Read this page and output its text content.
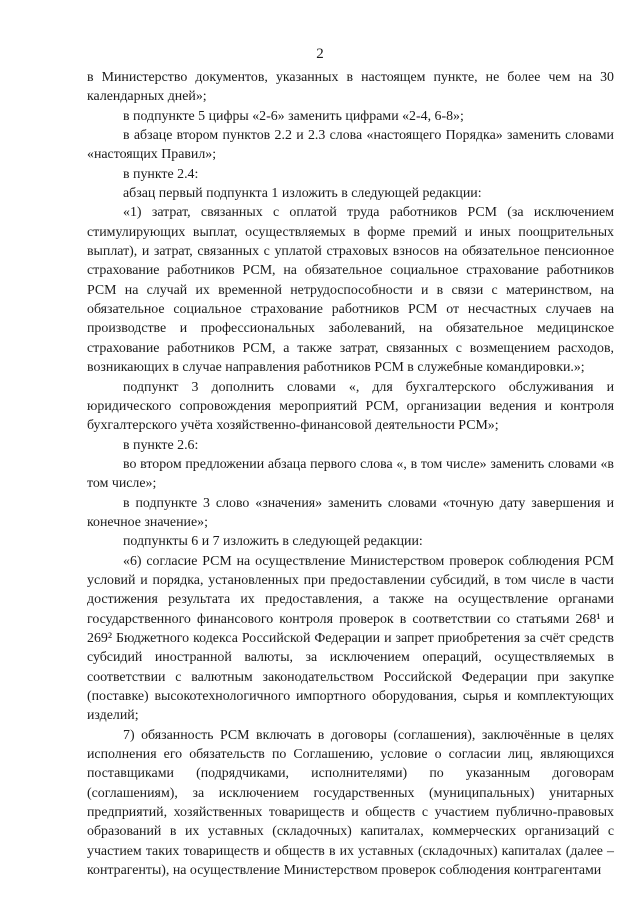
2

в Министерство документов, указанных в настоящем пункте, не более чем на 30 календарных дней»;

в подпункте 5 цифры «2-6» заменить цифрами «2-4, 6-8»;

в абзаце втором пунктов 2.2 и 2.3 слова «настоящего Порядка» заменить словами «настоящих Правил»;

в пункте 2.4:

абзац первый подпункта 1 изложить в следующей редакции:

«1) затрат, связанных с оплатой труда работников РСМ (за исключением стимулирующих выплат, осуществляемых в форме премий и иных поощрительных выплат), и затрат, связанных с уплатой страховых взносов на обязательное пенсионное страхование работников РСМ, на обязательное социальное страхование работников РСМ на случай их временной нетрудоспособности и в связи с материнством, на обязательное социальное страхование работников РСМ от несчастных случаев на производстве и профессиональных заболеваний, на обязательное медицинское страхование работников РСМ, а также затрат, связанных с возмещением расходов, возникающих в случае направления работников РСМ в служебные командировки.»;

подпункт 3 дополнить словами «, для бухгалтерского обслуживания и юридического сопровождения мероприятий РСМ, организации ведения и контроля бухгалтерского учёта хозяйственно-финансовой деятельности РСМ»;

в пункте 2.6:

во втором предложении абзаца первого слова «, в том числе» заменить словами «в том числе»;

в подпункте 3 слово «значения» заменить словами «точную дату завершения и конечное значение»;

подпункты 6 и 7 изложить в следующей редакции:

«6) согласие РСМ на осуществление Министерством проверок соблюдения РСМ условий и порядка, установленных при предоставлении субсидий, в том числе в части достижения результата их предоставления, а также на осуществление органами государственного финансового контроля проверок в соответствии со статьями 268¹ и 269² Бюджетного кодекса Российской Федерации и запрет приобретения за счёт средств субсидий иностранной валюты, за исключением операций, осуществляемых в соответствии с валютным законодательством Российской Федерации при закупке (поставке) высокотехнологичного импортного оборудования, сырья и комплектующих изделий;

7) обязанность РСМ включать в договоры (соглашения), заключённые в целях исполнения его обязательств по Соглашению, условие о согласии лиц, являющихся поставщиками (подрядчиками, исполнителями) по указанным договорам (соглашениям), за исключением государственных (муниципальных) унитарных предприятий, хозяйственных товариществ и обществ с участием публично-правовых образований в их уставных (складочных) капиталах, коммерческих организаций с участием таких товариществ и обществ в их уставных (складочных) капиталах (далее – контрагенты), на осуществление Министерством проверок соблюдения контрагентами
